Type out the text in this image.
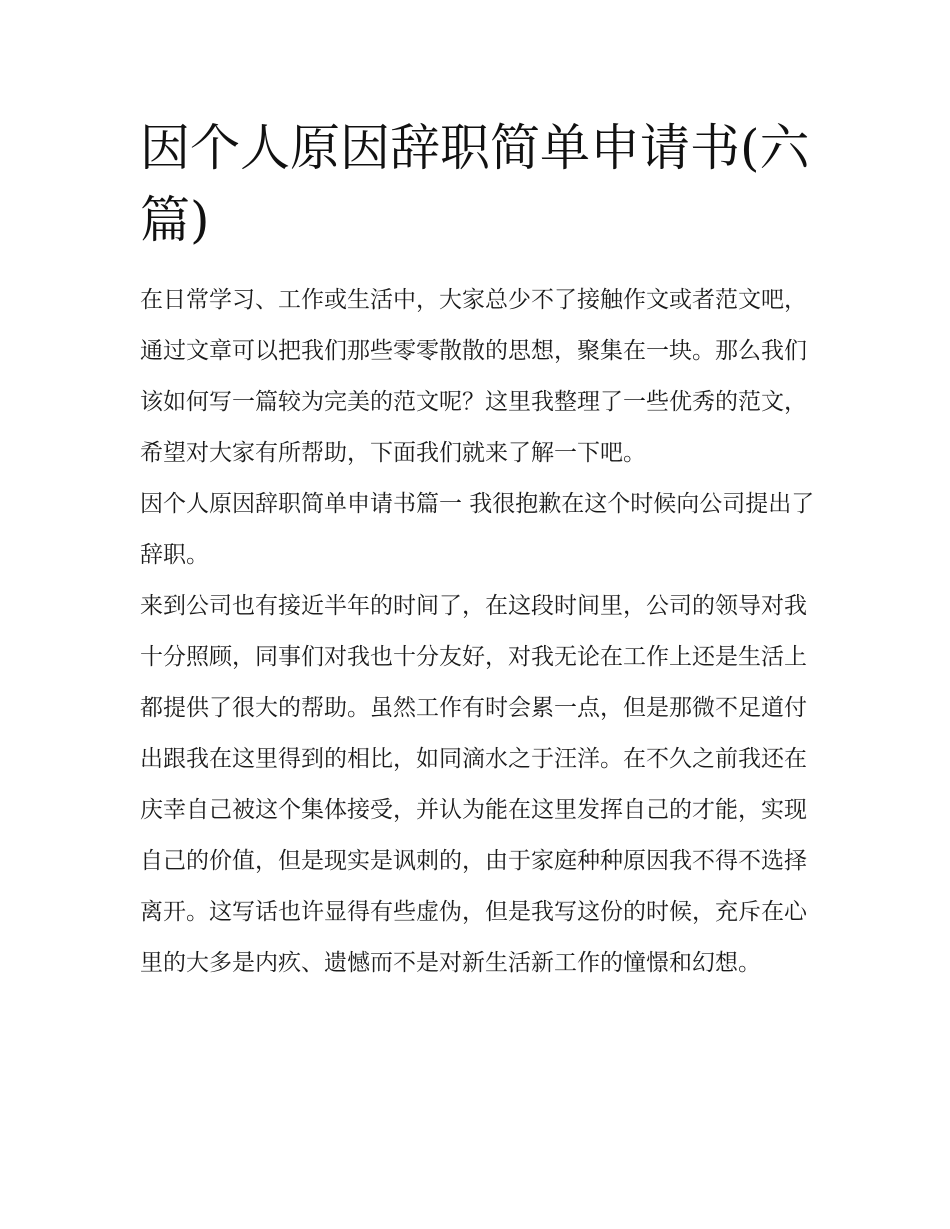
因个人原因辞职简单申请书(六篇)

在日常学习、工作或生活中，大家总少不了接触作文或者范文吧，通过文章可以把我们那些零零散散的思想，聚集在一块。那么我们该如何写一篇较为完美的范文呢？这里我整理了一些优秀的范文，希望对大家有所帮助，下面我们就来了解一下吧。

因个人原因辞职简单申请书篇一 我很抱歉在这个时候向公司提出了辞职。

来到公司也有接近半年的时间了，在这段时间里，公司的领导对我十分照顾，同事们对我也十分友好，对我无论在工作上还是生活上都提供了很大的帮助。虽然工作有时会累一点，但是那微不足道付出跟我在这里得到的相比，如同滴水之于汪洋。在不久之前我还在庆幸自己被这个集体接受，并认为能在这里发挥自己的才能，实现自己的价值，但是现实是讽刺的，由于家庭种种原因我不得不选择离开。这写话也许显得有些虚伪，但是我写这份的时候，充斥在心里的大多是内疚、遗憾而不是对新生活新工作的憧憬和幻想。
